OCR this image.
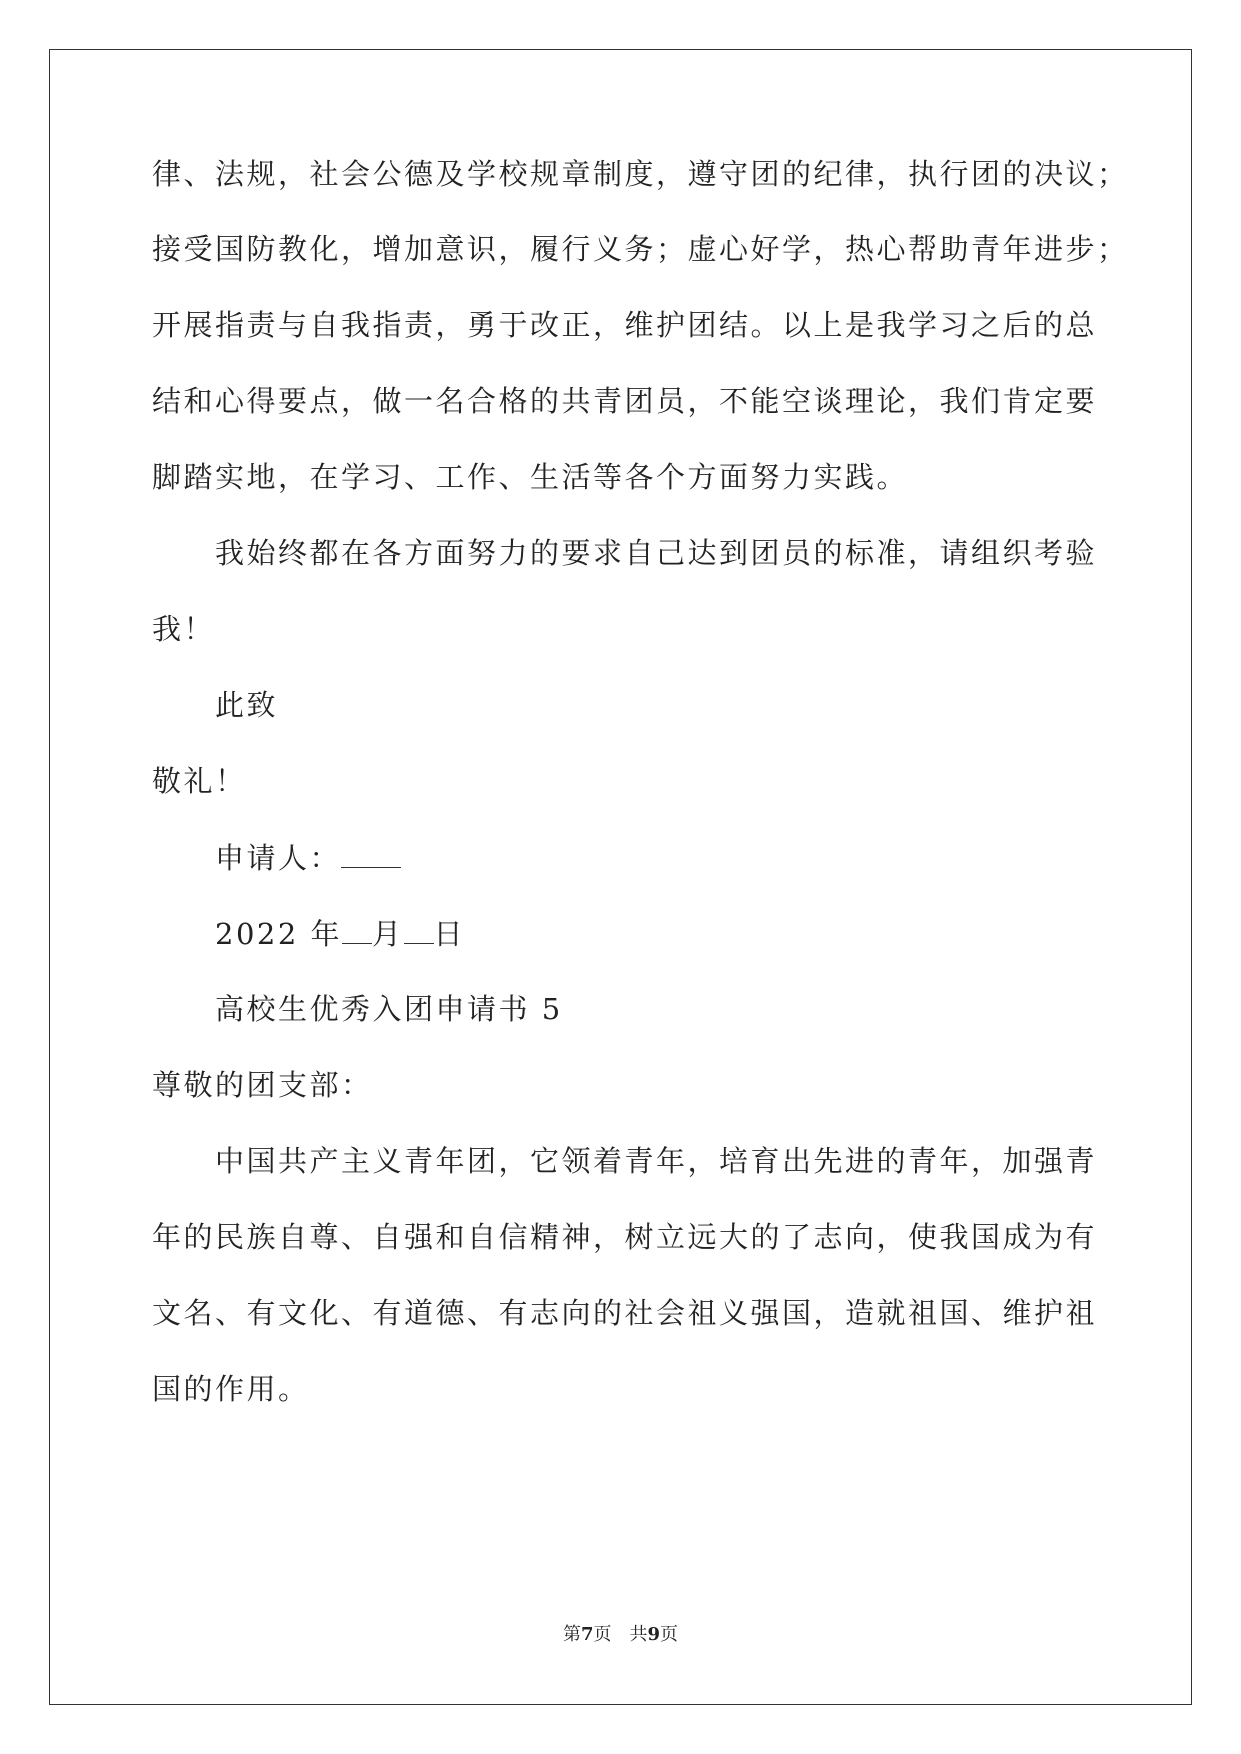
律、法规，社会公德及学校规章制度，遵守团的纪律，执行团的决议；
接受国防教化，增加意识，履行义务；虚心好学，热心帮助青年进步；
开展指责与自我指责，勇于改正，维护团结。以上是我学习之后的总
结和心得要点，做一名合格的共青团员，不能空谈理论，我们肯定要
脚踏实地，在学习、工作、生活等各个方面努力实践。
我始终都在各方面努力的要求自己达到团员的标准，请组织考验
我！
此致
敬礼！
申请人：
2022 年 月 日
高校生优秀入团申请书 5
尊敬的团支部：
中国共产主义青年团，它领着青年，培育出先进的青年，加强青
年的民族自尊、自强和自信精神，树立远大的了志向，使我国成为有
文名、有文化、有道德、有志向的社会祖义强国，造就祖国、维护祖
国的作用。
第7页　共9页
